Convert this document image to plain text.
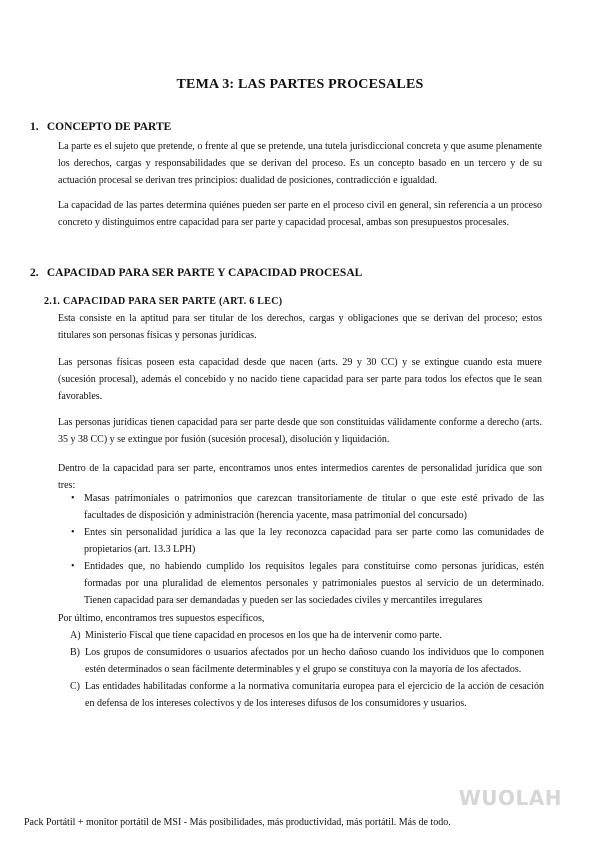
TEMA 3: LAS PARTES PROCESALES
1. CONCEPTO DE PARTE

La parte es el sujeto que pretende, o frente al que se pretende, una tutela jurisdiccional concreta y que asume plenamente los derechos, cargas y responsabilidades que se derivan del proceso. Es un concepto basado en un tercero y de su actuación procesal se derivan tres principios: dualidad de posiciones, contradicción e igualdad.

La capacidad de las partes determina quiénes pueden ser parte en el proceso civil en general, sin referencia a un proceso concreto y distinguimos entre capacidad para ser parte y capacidad procesal, ambas son presupuestos procesales.

2. CAPACIDAD PARA SER PARTE Y CAPACIDAD PROCESAL
2.1. CAPACIDAD PARA SER PARTE (ART. 6 LEC)

Esta consiste en la aptitud para ser titular de los derechos, cargas y obligaciones que se derivan del proceso; estos titulares son personas físicas y personas jurídicas.

Las personas físicas poseen esta capacidad desde que nacen (arts. 29 y 30 CC) y se extingue cuando esta muere (sucesión procesal), además el concebido y no nacido tiene capacidad para ser parte para todos los efectos que le sean favorables.

Las personas jurídicas tienen capacidad para ser parte desde que son constituidas válidamente conforme a derecho (arts. 35 y 38 CC) y se extingue por fusión (sucesión procesal), disolución y liquidación.

Dentro de la capacidad para ser parte, encontramos unos entes intermedios carentes de personalidad jurídica que son tres:

• Masas patrimoniales o patrimonios que carezcan transitoriamente de titular o que este esté privado de las facultades de disposición y administración (herencia yacente, masa patrimonial del concursado)
• Entes sin personalidad jurídica a las que la ley reconozca capacidad para ser parte como las comunidades de propietarios (art. 13.3 LPH)
• Entidades que, no habiendo cumplido los requisitos legales para constituirse como personas jurídicas, estén formadas por una pluralidad de elementos personales y patrimoniales puestos al servicio de un determinado. Tienen capacidad para ser demandadas y pueden ser las sociedades civiles y mercantiles irregulares

Por último, encontramos tres supuestos específicos,

A) Ministerio Fiscal que tiene capacidad en procesos en los que ha de intervenir como parte.
B) Los grupos de consumidores o usuarios afectados por un hecho dañoso cuando los individuos que lo componen estén determinados o sean fácilmente determinables y el grupo se constituya con la mayoría de los afectados.
C) Las entidades habilitadas conforme a la normativa comunitaria europea para el ejercicio de la acción de cesación en defensa de los intereses colectivos y de los intereses difusos de los consumidores y usuarios.
WUOLAH
Pack Portátil + monitor portátil de MSI - Más posibilidades, más productividad, más portátil. Más de todo.
